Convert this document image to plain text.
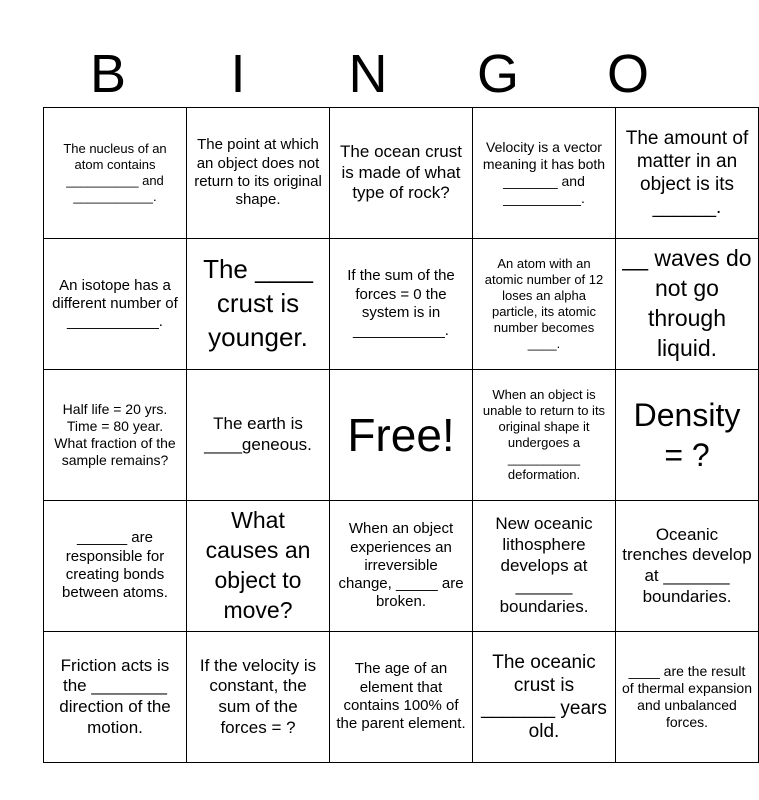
B	I	N	G	O
The nucleus of an atom contains
__________ and
___________.	The point at which an object does not return to its original shape.	The ocean crust is made of what type of rock?	Velocity is a vector meaning it has both
_______ and
__________.	The amount of matter in an object is its ______.

An isotope has a different number of
___________.	The ____ crust is younger.	If the sum of the forces = 0 the system is in
___________.	An atom with an atomic number of 12 loses an alpha particle, its atomic number becomes ____.	__ waves do not go through liquid.

Half life = 20 yrs. Time = 80 year.
What fraction of the sample remains?	The earth is ____geneous.	Free!	When an object is unable to return to its original shape it undergoes a __________ deformation.	Density = ?

______ are responsible for creating bonds between atoms.	What causes an object to move?	When an object experiences an irreversible change, _____ are broken.	New oceanic lithosphere develops at ______ boundaries.	Oceanic trenches develop at _______ boundaries.

Friction acts is the ________ direction of the motion.	If the velocity is constant, the sum of the forces = ?	The age of an element that contains 100% of the parent element.	The oceanic crust is _______ years old.	____ are the result of thermal expansion and unbalanced forces.
